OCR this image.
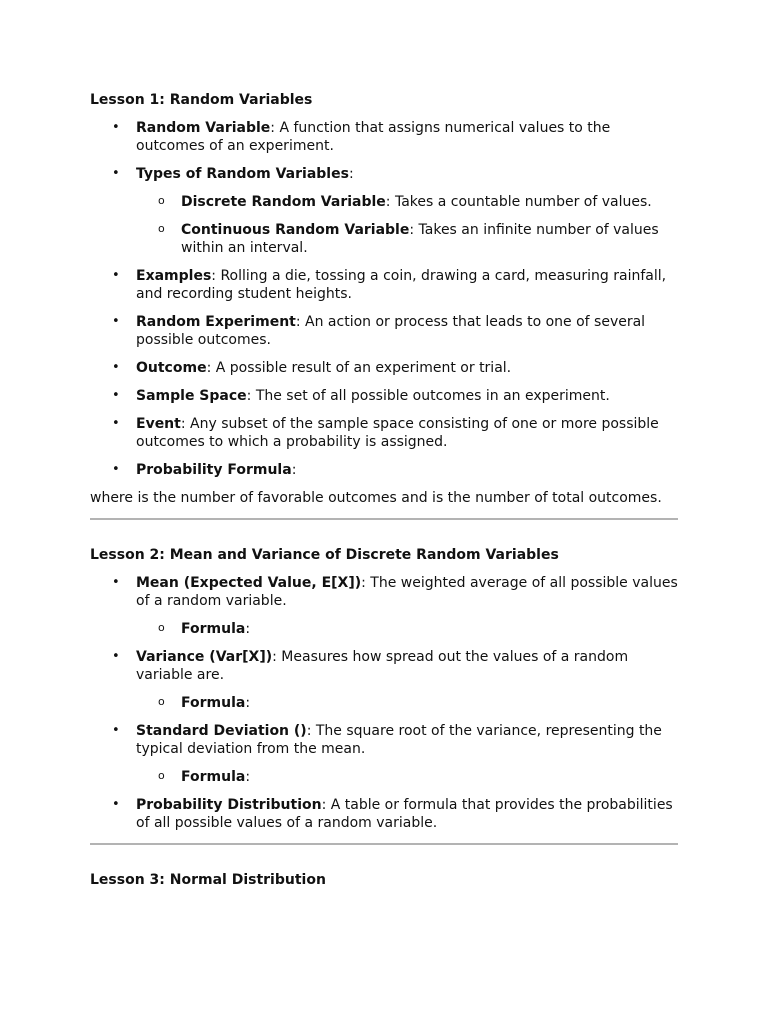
Lesson 1: Random Variables
• Random Variable: A function that assigns numerical values to the outcomes of an experiment.
• Types of Random Variables:
o Discrete Random Variable: Takes a countable number of values.
o Continuous Random Variable: Takes an infinite number of values within an interval.
• Examples: Rolling a die, tossing a coin, drawing a card, measuring rainfall, and recording student heights.
• Random Experiment: An action or process that leads to one of several possible outcomes.
• Outcome: A possible result of an experiment or trial.
• Sample Space: The set of all possible outcomes in an experiment.
• Event: Any subset of the sample space consisting of one or more possible outcomes to which a probability is assigned.
• Probability Formula:

where is the number of favorable outcomes and is the number of total outcomes.

Lesson 2: Mean and Variance of Discrete Random Variables
• Mean (Expected Value, E[X]): The weighted average of all possible values of a random variable.
o Formula:
• Variance (Var[X]): Measures how spread out the values of a random variable are.
o Formula:
• Standard Deviation (): The square root of the variance, representing the typical deviation from the mean.
o Formula:
• Probability Distribution: A table or formula that provides the probabilities of all possible values of a random variable.
Lesson 3: Normal Distribution
